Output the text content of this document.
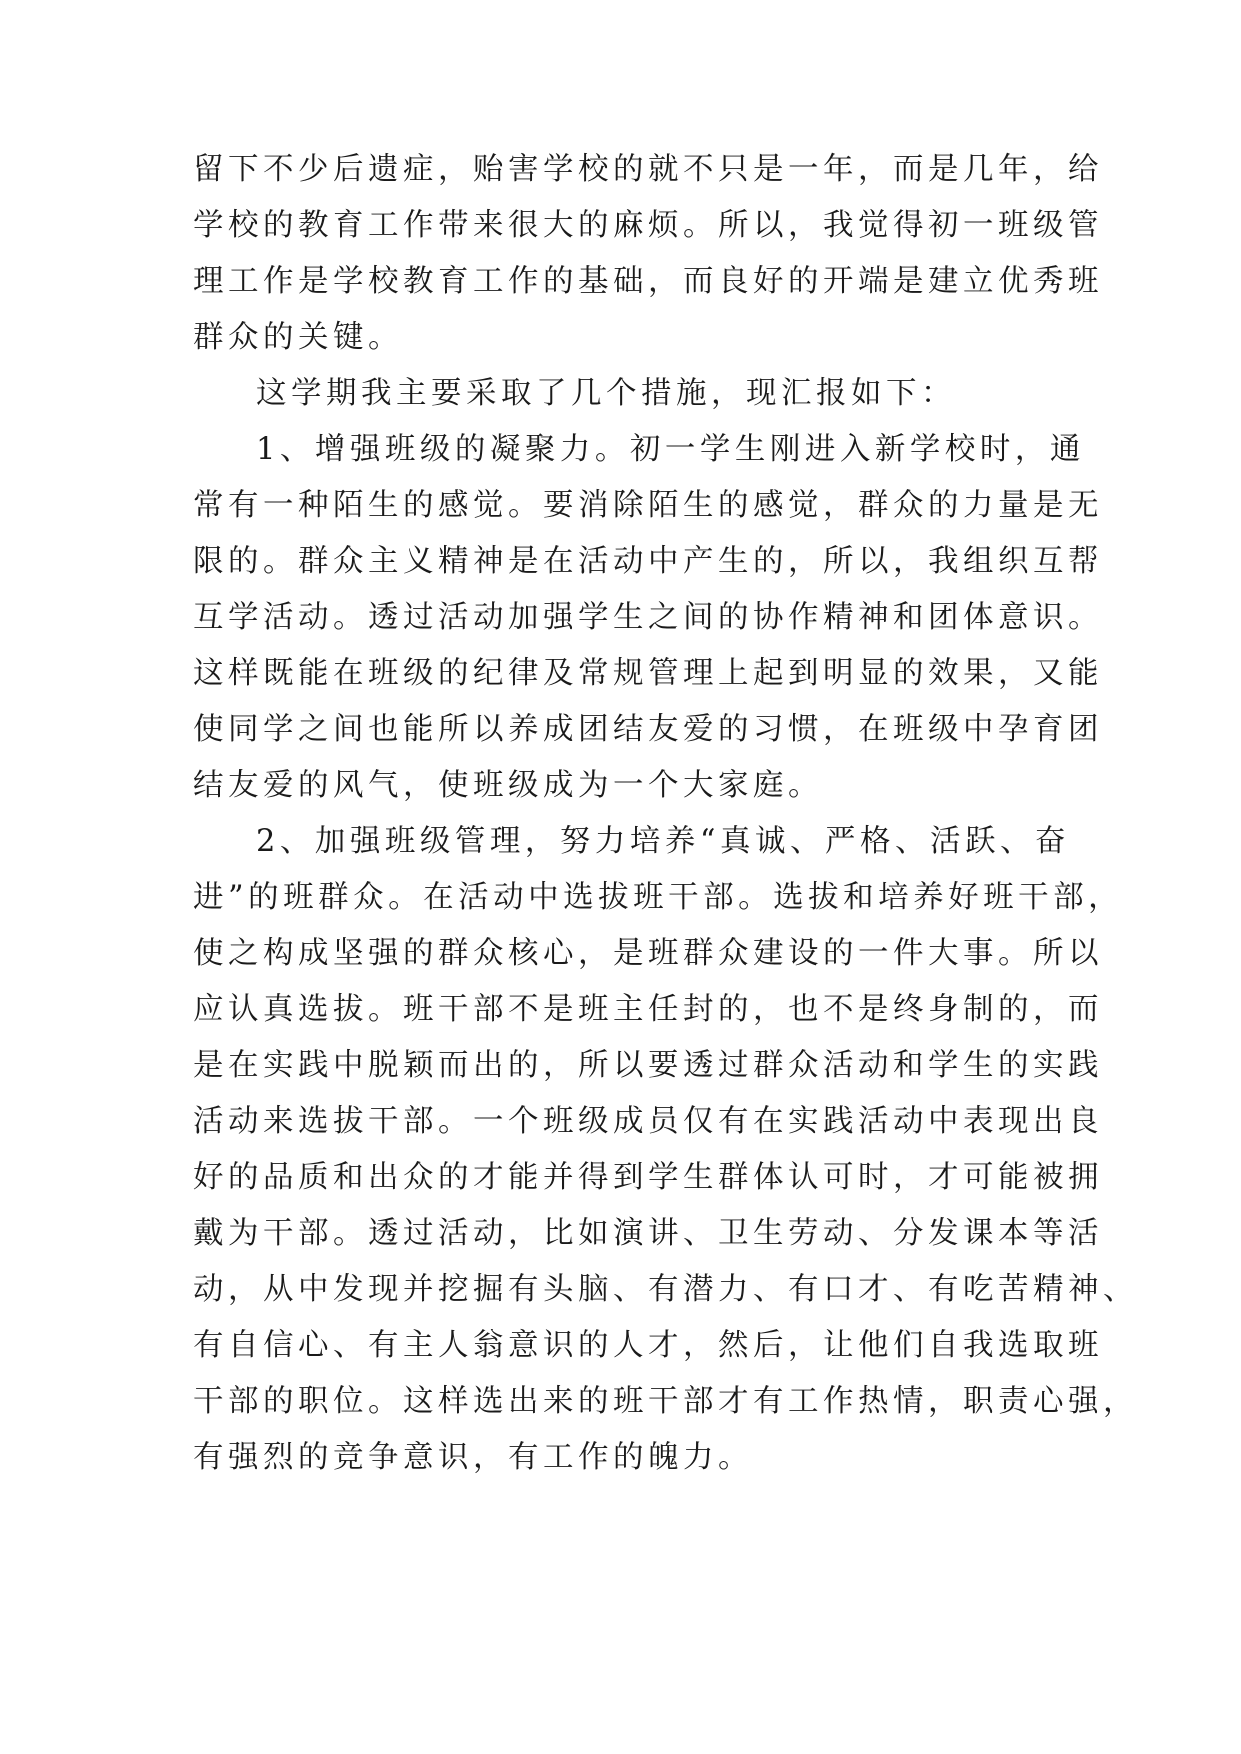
留下不少后遗症，贻害学校的就不只是一年，而是几年，给
学校的教育工作带来很大的麻烦。所以，我觉得初一班级管
理工作是学校教育工作的基础，而良好的开端是建立优秀班
群众的关键。
这学期我主要采取了几个措施，现汇报如下：
1、增强班级的凝聚力。初一学生刚进入新学校时，通
常有一种陌生的感觉。要消除陌生的感觉，群众的力量是无
限的。群众主义精神是在活动中产生的，所以，我组织互帮
互学活动。透过活动加强学生之间的协作精神和团体意识。
这样既能在班级的纪律及常规管理上起到明显的效果，又能
使同学之间也能所以养成团结友爱的习惯，在班级中孕育团
结友爱的风气，使班级成为一个大家庭。
2、加强班级管理，努力培养“真诚、严格、活跃、奋
进”的班群众。在活动中选拔班干部。选拔和培养好班干部，
使之构成坚强的群众核心，是班群众建设的一件大事。所以
应认真选拔。班干部不是班主任封的，也不是终身制的，而
是在实践中脱颖而出的，所以要透过群众活动和学生的实践
活动来选拔干部。一个班级成员仅有在实践活动中表现出良
好的品质和出众的才能并得到学生群体认可时，才可能被拥
戴为干部。透过活动，比如演讲、卫生劳动、分发课本等活
动，从中发现并挖掘有头脑、有潜力、有口才、有吃苦精神、
有自信心、有主人翁意识的人才，然后，让他们自我选取班
干部的职位。这样选出来的班干部才有工作热情，职责心强，
有强烈的竞争意识，有工作的魄力。
